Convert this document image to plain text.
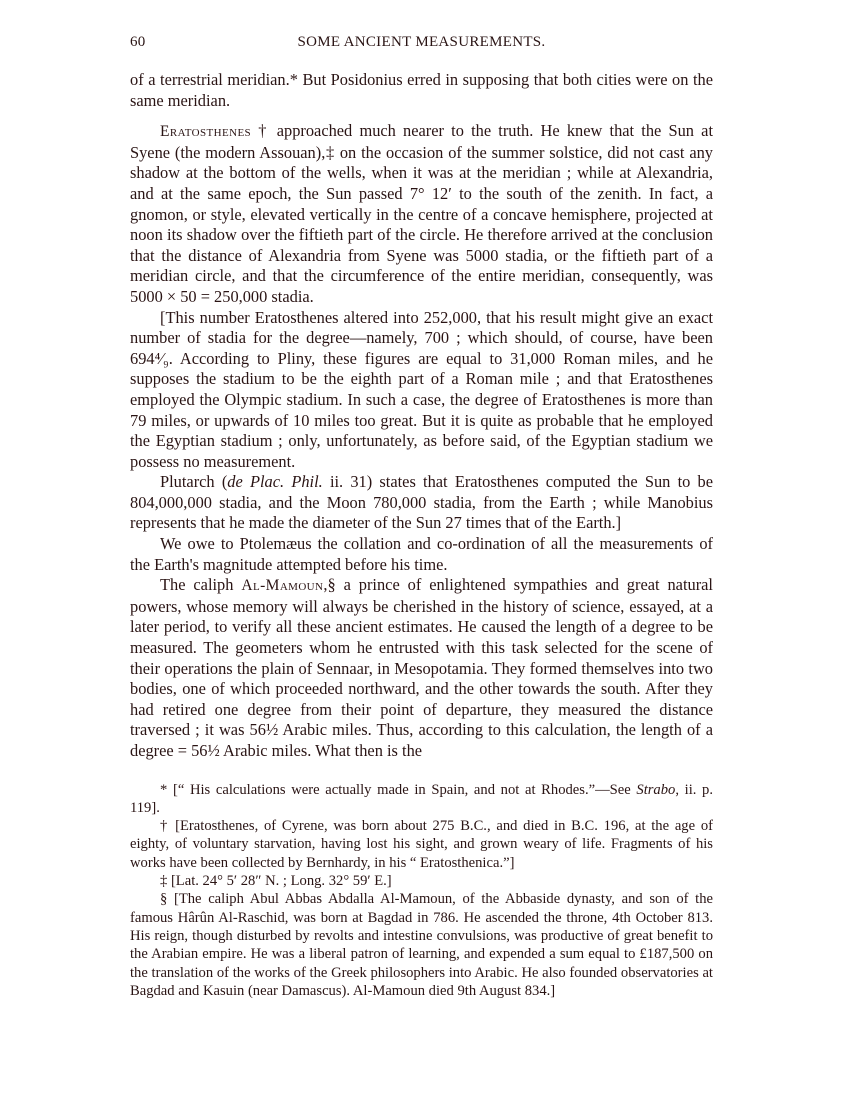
60	SOME ANCIENT MEASUREMENTS.

of a terrestrial meridian.* But Posidonius erred in supposing that both cities were on the same meridian.

Eratosthenes † approached much nearer to the truth. He knew that the Sun at Syene (the modern Assouan),‡ on the occasion of the summer solstice, did not cast any shadow at the bottom of the wells, when it was at the meridian ; while at Alexandria, and at the same epoch, the Sun passed 7° 12′ to the south of the zenith. In fact, a gnomon, or style, elevated vertically in the centre of a concave hemisphere, projected at noon its shadow over the fiftieth part of the circle. He therefore arrived at the conclusion that the distance of Alexandria from Syene was 5000 stadia, or the fiftieth part of a meridian circle, and that the circumference of the entire meridian, consequently, was 5000 × 50 = 250,000 stadia.

[This number Eratosthenes altered into 252,000, that his result might give an exact number of stadia for the degree—namely, 700 ; which should, of course, have been 694⁴⁄₉. According to Pliny, these figures are equal to 31,000 Roman miles, and he supposes the stadium to be the eighth part of a Roman mile ; and that Eratosthenes employed the Olympic stadium. In such a case, the degree of Eratosthenes is more than 79 miles, or upwards of 10 miles too great. But it is quite as probable that he employed the Egyptian stadium ; only, unfortunately, as before said, of the Egyptian stadium we possess no measurement.

Plutarch (de Plac. Phil. ii. 31) states that Eratosthenes computed the Sun to be 804,000,000 stadia, and the Moon 780,000 stadia, from the Earth ; while Manobius represents that he made the diameter of the Sun 27 times that of the Earth.]

We owe to Ptolemæus the collation and co-ordination of all the measurements of the Earth's magnitude attempted before his time.

The caliph Al-Mamoun,§ a prince of enlightened sympathies and great natural powers, whose memory will always be cherished in the history of science, essayed, at a later period, to verify all these ancient estimates. He caused the length of a degree to be measured. The geometers whom he entrusted with this task selected for the scene of their operations the plain of Sennaar, in Mesopotamia. They formed themselves into two bodies, one of which proceeded northward, and the other towards the south. After they had retired one degree from their point of departure, they measured the distance traversed ; it was 56½ Arabic miles. Thus, according to this calculation, the length of a degree = 56½ Arabic miles. What then is the

* [“ His calculations were actually made in Spain, and not at Rhodes.”—See Strabo, ii. p. 119].

† [Eratosthenes, of Cyrene, was born about 275 B.C., and died in B.C. 196, at the age of eighty, of voluntary starvation, having lost his sight, and grown weary of life. Fragments of his works have been collected by Bernhardy, in his “ Eratosthenica.”]

‡ [Lat. 24° 5′ 28″ N. ; Long. 32° 59′ E.]

§ [The caliph Abul Abbas Abdalla Al-Mamoun, of the Abbaside dynasty, and son of the famous Hârûn Al-Raschid, was born at Bagdad in 786. He ascended the throne, 4th October 813. His reign, though disturbed by revolts and intestine convulsions, was productive of great benefit to the Arabian empire. He was a liberal patron of learning, and expended a sum equal to £187,500 on the translation of the works of the Greek philosophers into Arabic. He also founded observatories at Bagdad and Kasuin (near Damascus). Al-Mamoun died 9th August 834.]
